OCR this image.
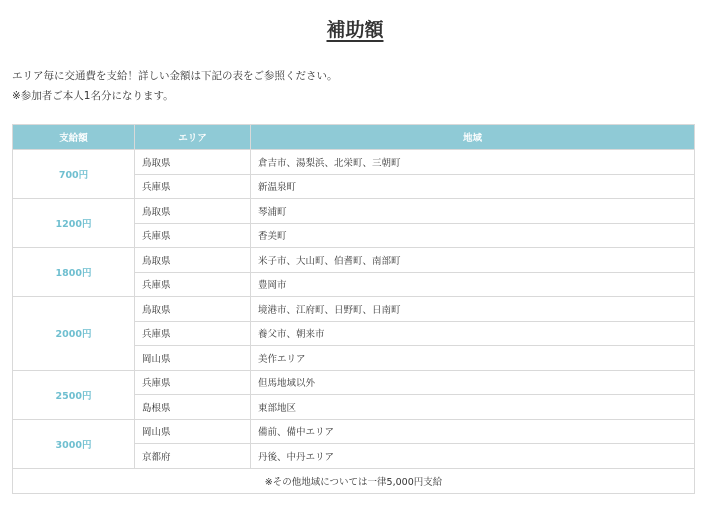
補助額
エリア毎に交通費を支給！詳しい金額は下記の表をご参照ください。
※参加者ご本人1名分になります。
支給額	エリア	地域
700円	鳥取県	倉吉市、湯梨浜、北栄町、三朝町
	兵庫県	新温泉町
1200円	鳥取県	琴浦町
	兵庫県	香美町
1800円	鳥取県	米子市、大山町、伯耆町、南部町
	兵庫県	豊岡市
2000円	鳥取県	境港市、江府町、日野町、日南町
	兵庫県	養父市、朝来市
	岡山県	美作エリア
2500円	兵庫県	但馬地域以外
	島根県	東部地区
3000円	岡山県	備前、備中エリア
	京都府	丹後、中丹エリア
※その他地域については一律5,000円支給		
